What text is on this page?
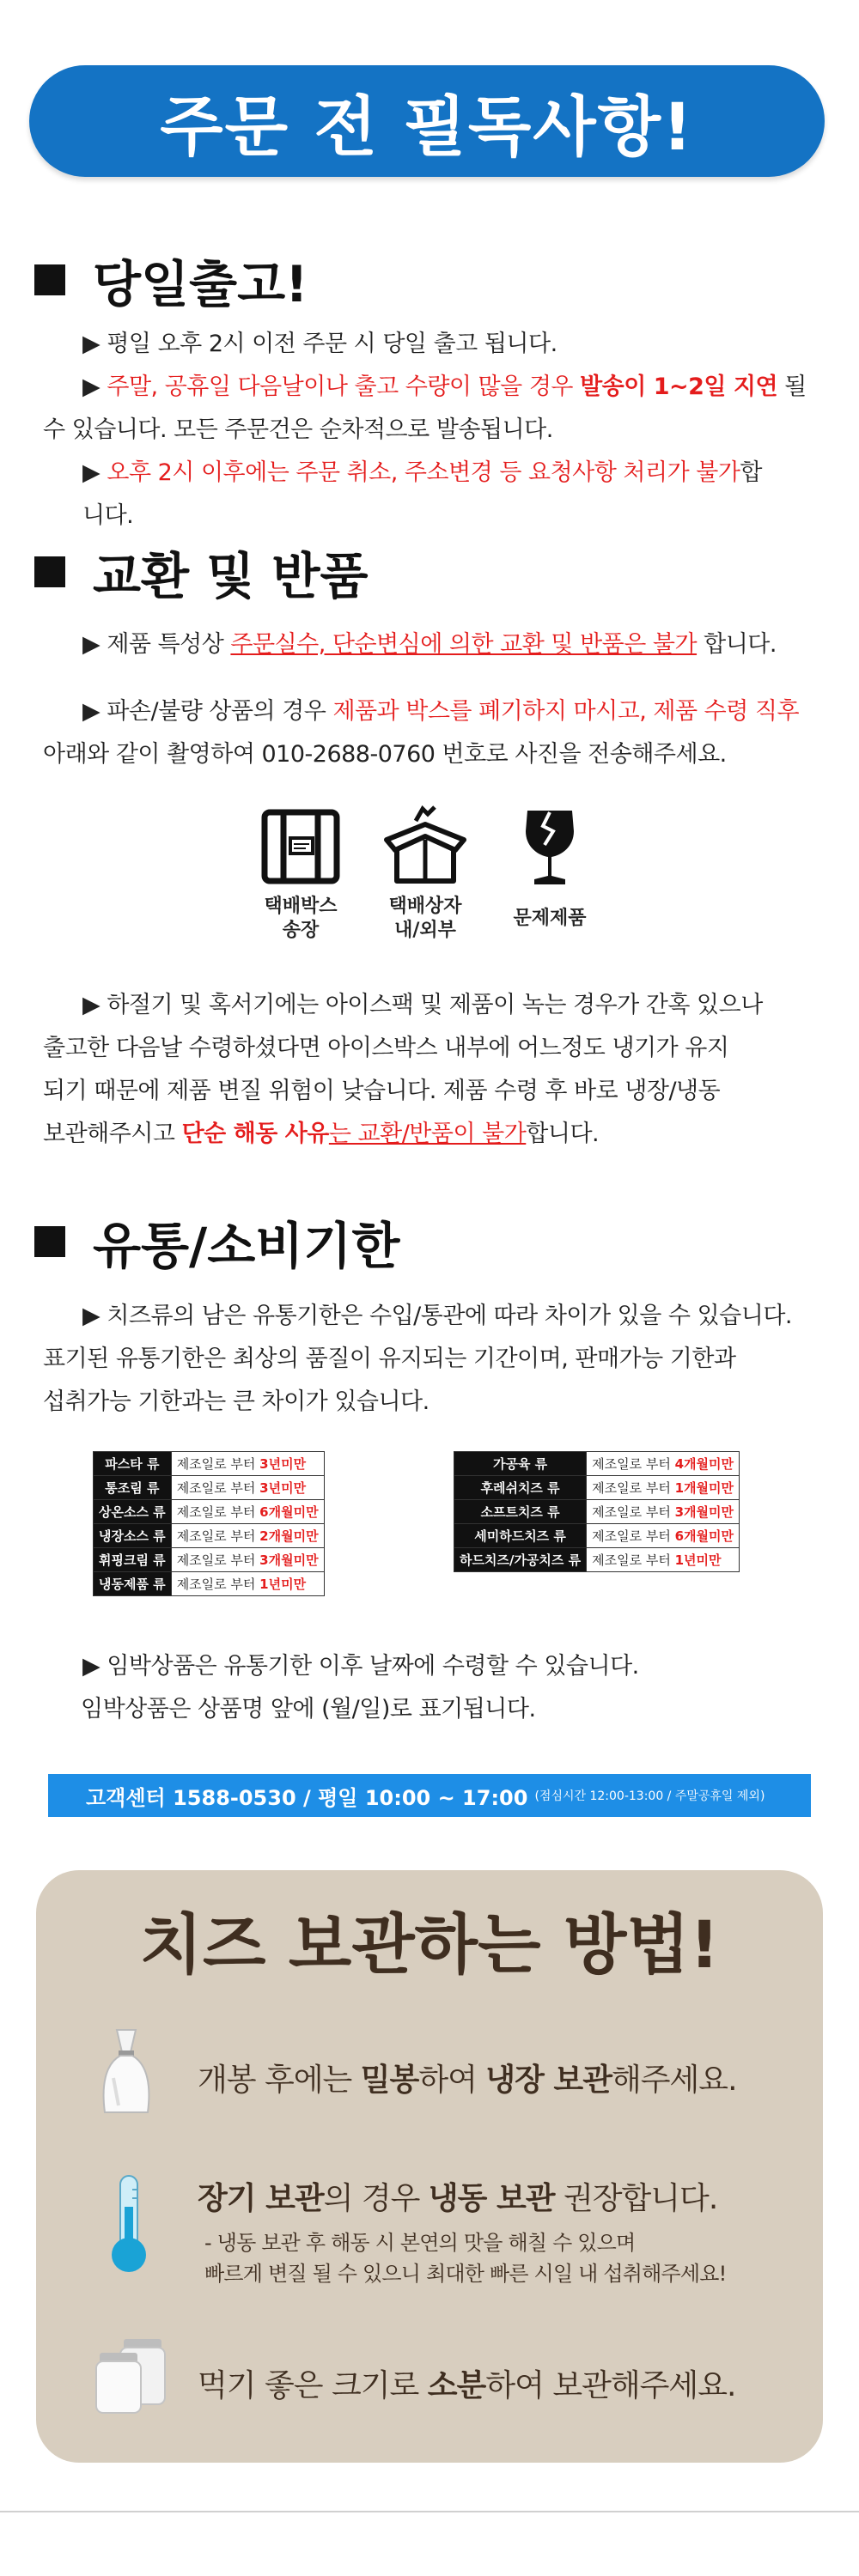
주문 전 필독사항!
당일출고!
▶ 평일 오후 2시 이전 주문 시 당일 출고 됩니다.
▶ 주말, 공휴일 다음날이나 출고 수량이 많을 경우 발송이 1~2일 지연 될
수 있습니다. 모든 주문건은 순차적으로 발송됩니다.
▶ 오후 2시 이후에는 주문 취소, 주소변경 등 요청사항 처리가 불가합니다.
교환 및 반품
▶ 제품 특성상 주문실수, 단순변심에 의한 교환 및 반품은 불가 합니다.
▶ 파손/불량 상품의 경우 제품과 박스를 폐기하지 마시고, 제품 수령 직후
아래와 같이 촬영하여 010-2688-0760 번호로 사진을 전송해주세요.
택배박스
송장
택배상자
내/외부
문제제품
▶ 하절기 및 혹서기에는 아이스팩 및 제품이 녹는 경우가 간혹 있으나
출고한 다음날 수령하셨다면 아이스박스 내부에 어느정도 냉기가 유지
되기 때문에 제품 변질 위험이 낮습니다. 제품 수령 후 바로 냉장/냉동
보관해주시고 단순 해동 사유는 교환/반품이 불가합니다.
유통/소비기한
▶ 치즈류의 남은 유통기한은 수입/통관에 따라 차이가 있을 수 있습니다.
표기된 유통기한은 최상의 품질이 유지되는 기간이며, 판매가능 기한과
섭취가능 기한과는 큰 차이가 있습니다.
파스타 류	제조일로 부터 3년미만
통조림 류	제조일로 부터 3년미만
상온소스 류	제조일로 부터 6개월미만
냉장소스 류	제조일로 부터 2개월미만
휘핑크림 류	제조일로 부터 3개월미만
냉동제품 류	제조일로 부터 1년미만
가공육 류	제조일로 부터 4개월미만
후레쉬치즈 류	제조일로 부터 1개월미만
소프트치즈 류	제조일로 부터 3개월미만
세미하드치즈 류	제조일로 부터 6개월미만
하드치즈/가공치즈 류	제조일로 부터 1년미만
▶ 임박상품은 유통기한 이후 날짜에 수령할 수 있습니다.
임박상품은 상품명 앞에 (월/일)로 표기됩니다.
고객센터 1588-0530 / 평일 10:00 ~ 17:00 (점심시간 12:00-13:00 / 주말공휴일 제외)
치즈 보관하는 방법!
개봉 후에는 밀봉하여 냉장 보관해주세요.
장기 보관의 경우 냉동 보관 권장합니다.
- 냉동 보관 후 해동 시 본연의 맛을 해칠 수 있으며
빠르게 변질 될 수 있으니 최대한 빠른 시일 내 섭취해주세요!
먹기 좋은 크기로 소분하여 보관해주세요.
